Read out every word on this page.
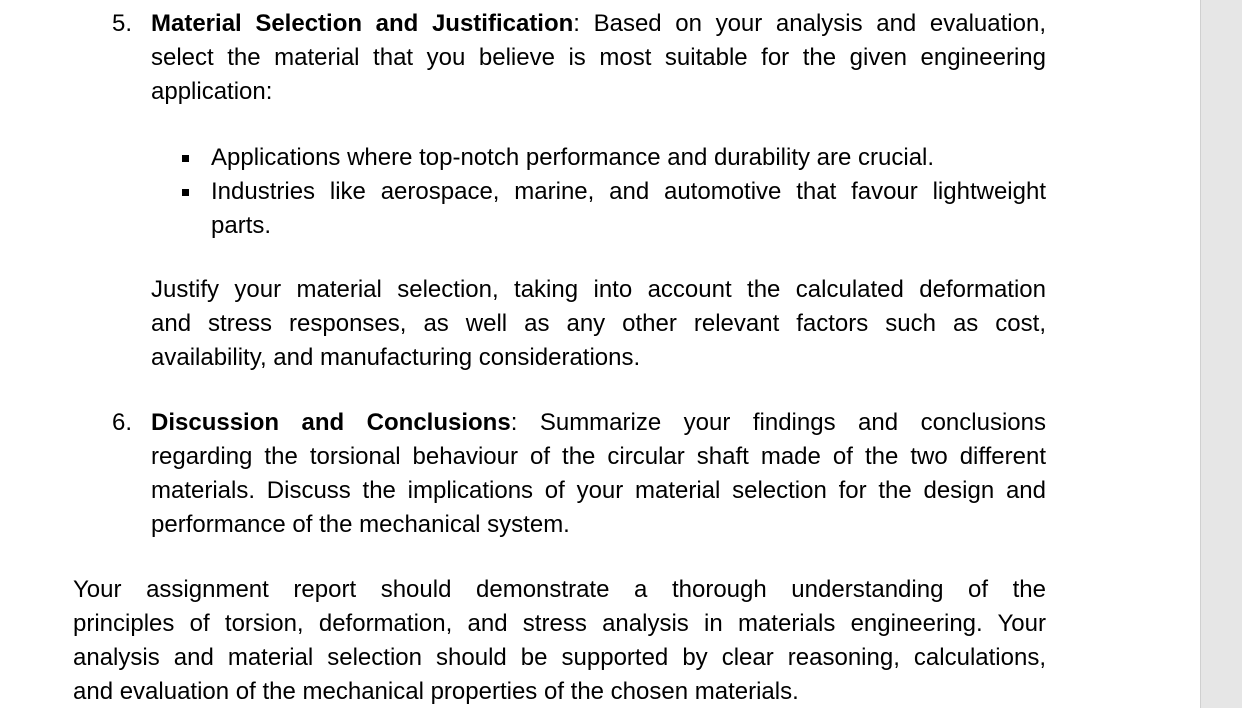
5. Material Selection and Justification: Based on your analysis and evaluation,
select the material that you believe is most suitable for the given engineering
application:
Applications where top-notch performance and durability are crucial.
Industries like aerospace, marine, and automotive that favour lightweight
parts.
Justify your material selection, taking into account the calculated deformation
and stress responses, as well as any other relevant factors such as cost,
availability, and manufacturing considerations.
6. Discussion and Conclusions: Summarize your findings and conclusions
regarding the torsional behaviour of the circular shaft made of the two different
materials. Discuss the implications of your material selection for the design and
performance of the mechanical system.
Your assignment report should demonstrate a thorough understanding of the
principles of torsion, deformation, and stress analysis in materials engineering. Your
analysis and material selection should be supported by clear reasoning, calculations,
and evaluation of the mechanical properties of the chosen materials.
